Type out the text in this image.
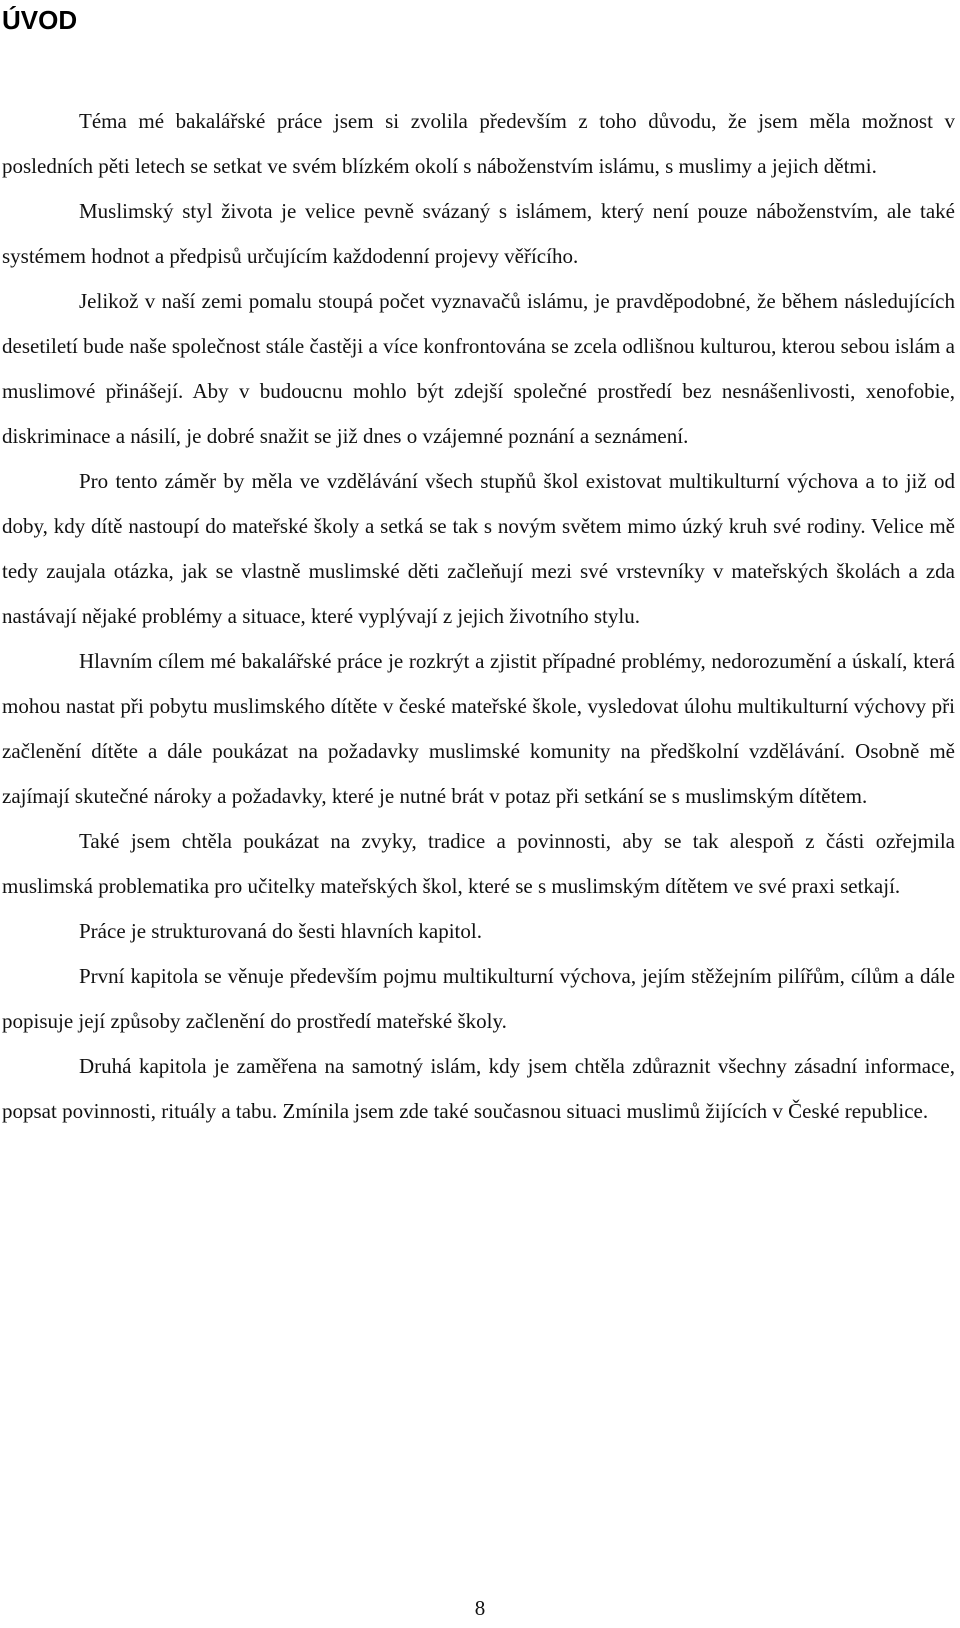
ÚVOD

Téma mé bakalářské práce jsem si zvolila především z toho důvodu, že jsem měla možnost v posledních pěti letech se setkat ve svém blízkém okolí s náboženstvím islámu, s muslimy a jejich dětmi.

Muslimský styl života je velice pevně svázaný s islámem, který není pouze náboženstvím, ale také systémem hodnot a předpisů určujícím každodenní projevy věřícího.

Jelikož v naší zemi pomalu stoupá počet vyznavačů islámu, je pravděpodobné, že během následujících desetiletí bude naše společnost stále častěji a více konfrontována se zcela odlišnou kulturou, kterou sebou islám a muslimové přinášejí. Aby v budoucnu mohlo být zdejší společné prostředí bez nesnášenlivosti, xenofobie, diskriminace a násilí, je dobré snažit se již dnes o vzájemné poznání a seznámení.

Pro tento záměr by měla ve vzdělávání všech stupňů škol existovat multikulturní výchova a to již od doby, kdy dítě nastoupí do mateřské školy a setká se tak s novým světem mimo úzký kruh své rodiny. Velice mě tedy zaujala otázka, jak se vlastně muslimské děti začleňují mezi své vrstevníky v mateřských školách a zda nastávají nějaké problémy a situace, které vyplývají z jejich životního stylu.

Hlavním cílem mé bakalářské práce je rozkrýt a zjistit případné problémy, nedorozumění a úskalí, která mohou nastat při pobytu muslimského dítěte v české mateřské škole, vysledovat úlohu multikulturní výchovy při začlenění dítěte a dále poukázat na požadavky muslimské komunity na předškolní vzdělávání. Osobně mě zajímají skutečné nároky a požadavky, které je nutné brát v potaz při setkání se s muslimským dítětem.

Také jsem chtěla poukázat na zvyky, tradice a povinnosti, aby se tak alespoň z části ozřejmila muslimská problematika pro učitelky mateřských škol, které se s muslimským dítětem ve své praxi setkají.

Práce je strukturovaná do šesti hlavních kapitol.

První kapitola se věnuje především pojmu multikulturní výchova, jejím stěžejním pilířům, cílům a dále popisuje její způsoby začlenění do prostředí mateřské školy.

Druhá kapitola je zaměřena na samotný islám, kdy jsem chtěla zdůraznit všechny zásadní informace, popsat povinnosti, rituály a tabu. Zmínila jsem zde také současnou situaci muslimů žijících v České republice.

8
